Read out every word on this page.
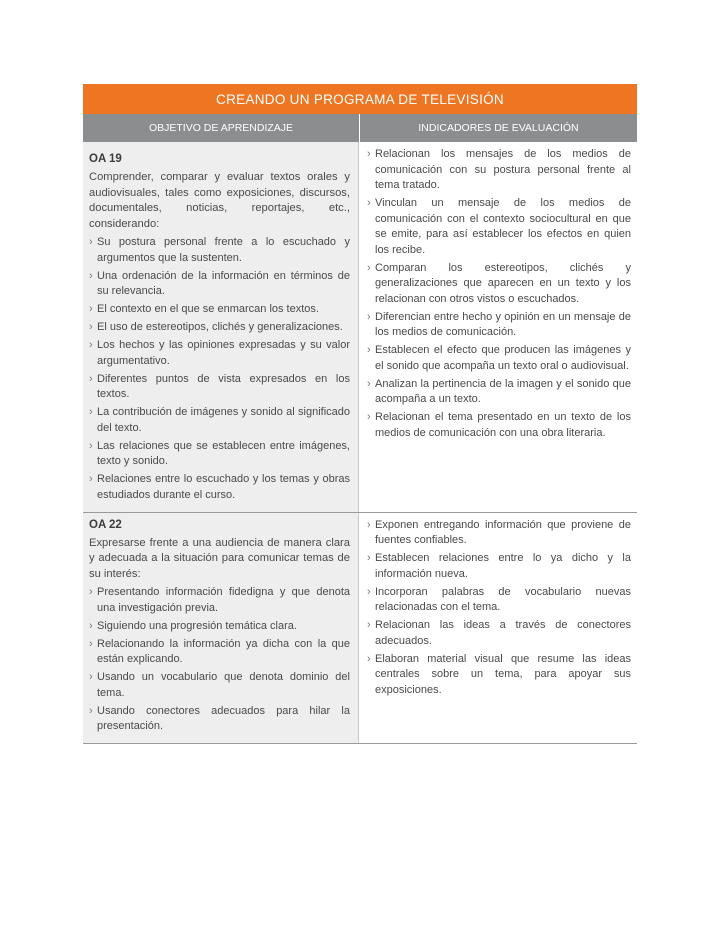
CREANDO UN PROGRAMA DE TELEVISIÓN
OBJETIVO DE APRENDIZAJE	INDICADORES DE EVALUACIÓN
OA 19
Comprender, comparar y evaluar textos orales y audiovisuales, tales como exposiciones, discursos, documentales, noticias, reportajes, etc., considerando:
› Su postura personal frente a lo escuchado y argumentos que la sustenten.
› Una ordenación de la información en términos de su relevancia.
› El contexto en el que se enmarcan los textos.
› El uso de estereotipos, clichés y generalizaciones.
› Los hechos y las opiniones expresadas y su valor argumentativo.
› Diferentes puntos de vista expresados en los textos.
› La contribución de imágenes y sonido al significado del texto.
› Las relaciones que se establecen entre imágenes, texto y sonido.
› Relaciones entre lo escuchado y los temas y obras estudiados durante el curso.
› Relacionan los mensajes de los medios de comunicación con su postura personal frente al tema tratado.
› Vinculan un mensaje de los medios de comunicación con el contexto sociocultural en que se emite, para así establecer los efectos en quien los recibe.
› Comparan los estereotipos, clichés y generalizaciones que aparecen en un texto y los relacionan con otros vistos o escuchados.
› Diferencian entre hecho y opinión en un mensaje de los medios de comunicación.
› Establecen el efecto que producen las imágenes y el sonido que acompaña un texto oral o audiovisual.
› Analizan la pertinencia de la imagen y el sonido que acompaña a un texto.
› Relacionan el tema presentado en un texto de los medios de comunicación con una obra literaria.
OA 22
Expresarse frente a una audiencia de manera clara y adecuada a la situación para comunicar temas de su interés:
› Presentando información fidedigna y que denota una investigación previa.
› Siguiendo una progresión temática clara.
› Relacionando la información ya dicha con la que están explicando.
› Usando un vocabulario que denota dominio del tema.
› Usando conectores adecuados para hilar la presentación.
› Exponen entregando información que proviene de fuentes confiables.
› Establecen relaciones entre lo ya dicho y la información nueva.
› Incorporan palabras de vocabulario nuevas relacionadas con el tema.
› Relacionan las ideas a través de conectores adecuados.
› Elaboran material visual que resume las ideas centrales sobre un tema, para apoyar sus exposiciones.
